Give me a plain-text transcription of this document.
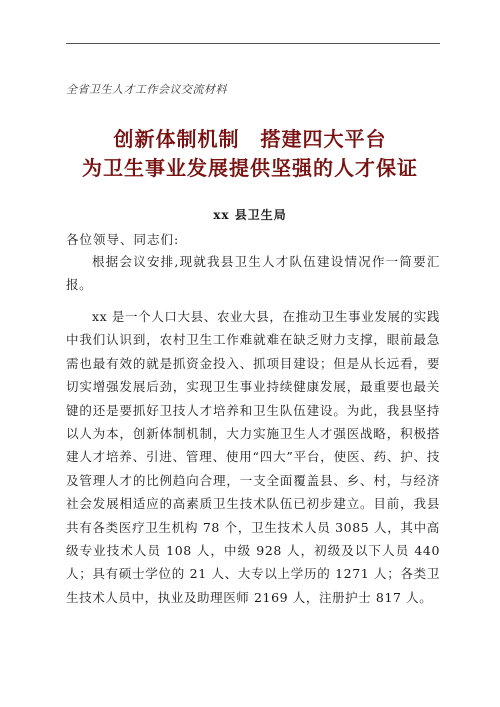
全省卫生人才工作会议交流材料
创新体制机制　搭建四大平台
为卫生事业发展提供坚强的人才保证
xx 县卫生局
各位领导、同志们:

根据会议安排,现就我县卫生人才队伍建设情况作一简要汇报。

xx 是一个人口大县、农业大县，在推动卫生事业发展的实践中我们认识到，农村卫生工作难就难在缺乏财力支撑，眼前最急需也最有效的就是抓资金投入、抓项目建设；但是从长远看，要切实增强发展后劲，实现卫生事业持续健康发展，最重要也最关键的还是要抓好卫技人才培养和卫生队伍建设。为此，我县坚持以人为本，创新体制机制，大力实施卫生人才强医战略，积极搭建人才培养、引进、管理、使用“四大”平台，使医、药、护、技及管理人才的比例趋向合理，一支全面覆盖县、乡、村，与经济社会发展相适应的高素质卫生技术队伍已初步建立。目前，我县共有各类医疗卫生机构 78 个，卫生技术人员 3085 人，其中高级专业技术人员 108 人，中级 928 人，初级及以下人员 440 人；具有硕士学位的 21 人、大专以上学历的 1271 人；各类卫生技术人员中，执业及助理医师 2169 人，注册护士 817 人。
